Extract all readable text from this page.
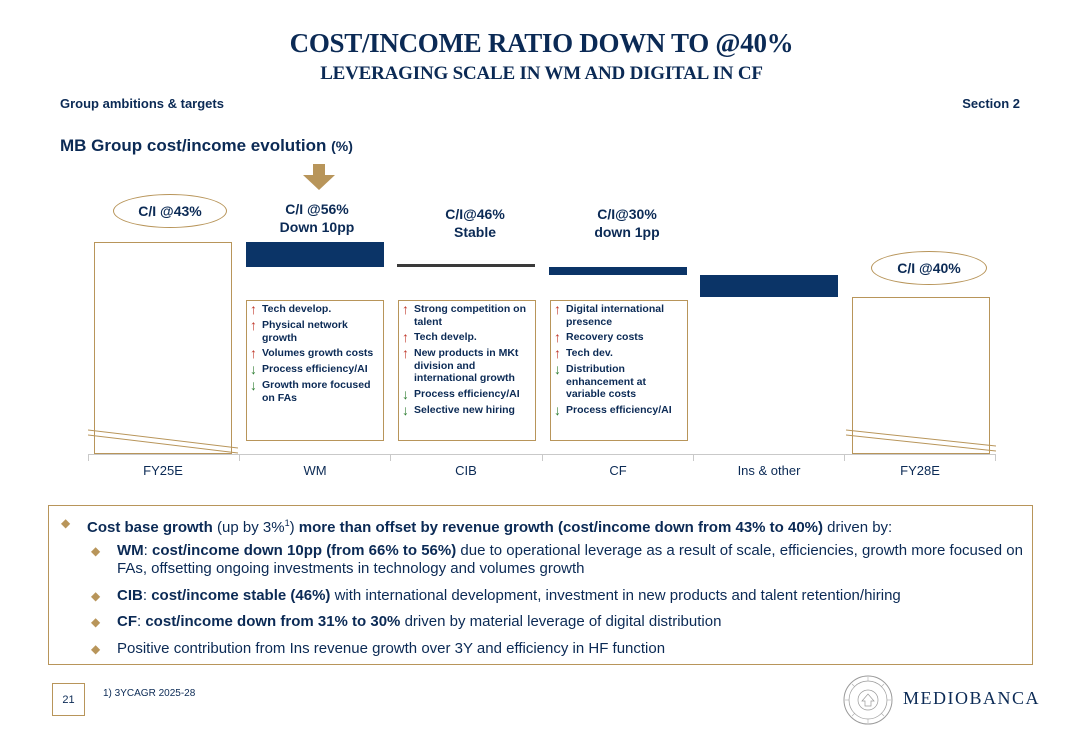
COST/INCOME RATIO DOWN TO @40%
LEVERAGING SCALE IN WM AND DIGITAL IN CF
Group ambitions & targets	Section 2
MB Group cost/income evolution (%)
C/I @43%
C/I @40%
C/I @56%
Down 10pp
C/I@46%
Stable
C/I@30%
down 1pp
↑ Tech develop.
↑ Physical network growth
↑ Volumes growth costs
↓ Process efficiency/AI
↓ Growth more focused on FAs
↑ Strong competition on talent
↑ Tech develp.
↑ New products in MKt division and international growth
↓ Process efficiency/AI
↓ Selective new hiring
↑ Digital international presence
↑ Recovery costs
↑ Tech dev.
↓ Distribution enhancement at variable costs
↓ Process efficiency/AI
FY25E	WM	CIB	CF	Ins & other	FY28E
◆ Cost base growth (up by 3%$^1$) more than offset by revenue growth (cost/income down from 43% to 40%) driven by:
◆ WM: cost/income down 10pp (from 66% to 56%) due to operational leverage as a result of scale, efficiencies, growth more focused on FAs, offsetting ongoing investments in technology and volumes growth
◆ CIB: cost/income stable (46%) with international development, investment in new products and talent retention/hiring
◆ CF: cost/income down from 31% to 30% driven by material leverage of digital distribution
◆ Positive contribution from Ins revenue growth over 3Y and efficiency in HF function
21	1) 3YCAGR 2025-28	MEDIOBANCA
